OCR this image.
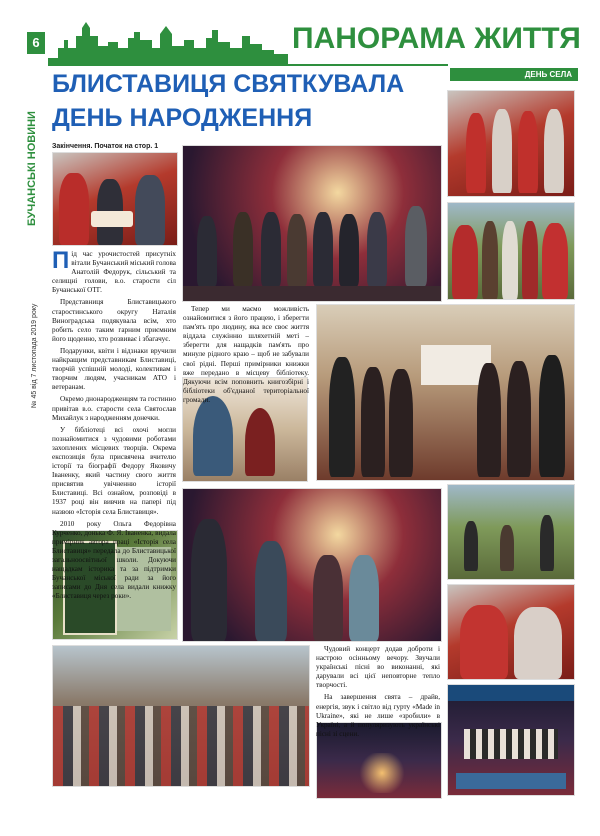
6
БУЧАНСЬКІ НОВИНИ
№ 45 від 7 листопада 2019 року
ПАНОРАМА ЖИТТЯ
ДЕНЬ СЕЛА
БЛИСТАВИЦЯ СВЯТКУВАЛА
ДЕНЬ НАРОДЖЕННЯ
Закінчення. Початок на стор. 1

Під час урочистостей присутніх вітали Бучанський міський голова Анатолій Федорук, сільський та селищні голови, в.о. старости сіл Бучанської ОТГ.

Представниця Блиставицького старостинського округу Наталія Виноградська подякувала всім, хто робить село таким гарним приємним його щоденно, хто розвиває і збагачує.

Подарунки, квіти і відзнаки вручили найкращим представникам Блиставиці, творчій успішній молоді, колективам і творчим людям, учасникам АТО і ветеранам.

Окремо днонародженцям та гостинно привітав в.о. старости села Святослав Михайлук з народженням донечки.

У бібліотеці всі охочі могли познайомитися з чудовими роботами захоплених місцевих творців. Окрема експозиція була присвячена вчителю історії та біографії Федору Яковичу Іваненку, який частину свого життя присвятив увічненню історії Блиставиці. Всі ознайом, розповіді в 1937 році він вивчив на папері під назвою «Історія села Блиставиця».

2010 року Ольга Федорівна Курченко, донька Ф. Я. Іваненка, видала примірник автора праці «Історія села Блиставиця» передала до Блиставицької загальноосвітньої школи. Докуючи нащадкам історика та за підтримки Бучанської міської ради за його записами до Дня села видали книжку «Блиставиця через роки».

Тепер ми маємо можливість ознайомитися з його працею, і зберегти пам'ять про людину, яка все своє життя віддала служінню шляхетній меті – зберегти для нащадків пам'ять про минуле рідного краю – щоб не забували свої рідні. Перші примірники книжки вже передано в місцеву бібліотеку. Дякуючи всім поповнить книгозбірні і бібліотеки об'єднаної територіальної громади.

Чудовий концерт додав доброти і настрою осінньому вечору. Звучали українські пісні во виконанні, які дарували всі цієї неповторне тепло творчості.

На завершення свята – драйв, енергія, звук і світло від гурту «Made in Ukraine», які не лише «зробили» в Україні, а й популяризують українські пісні зі сцени.
